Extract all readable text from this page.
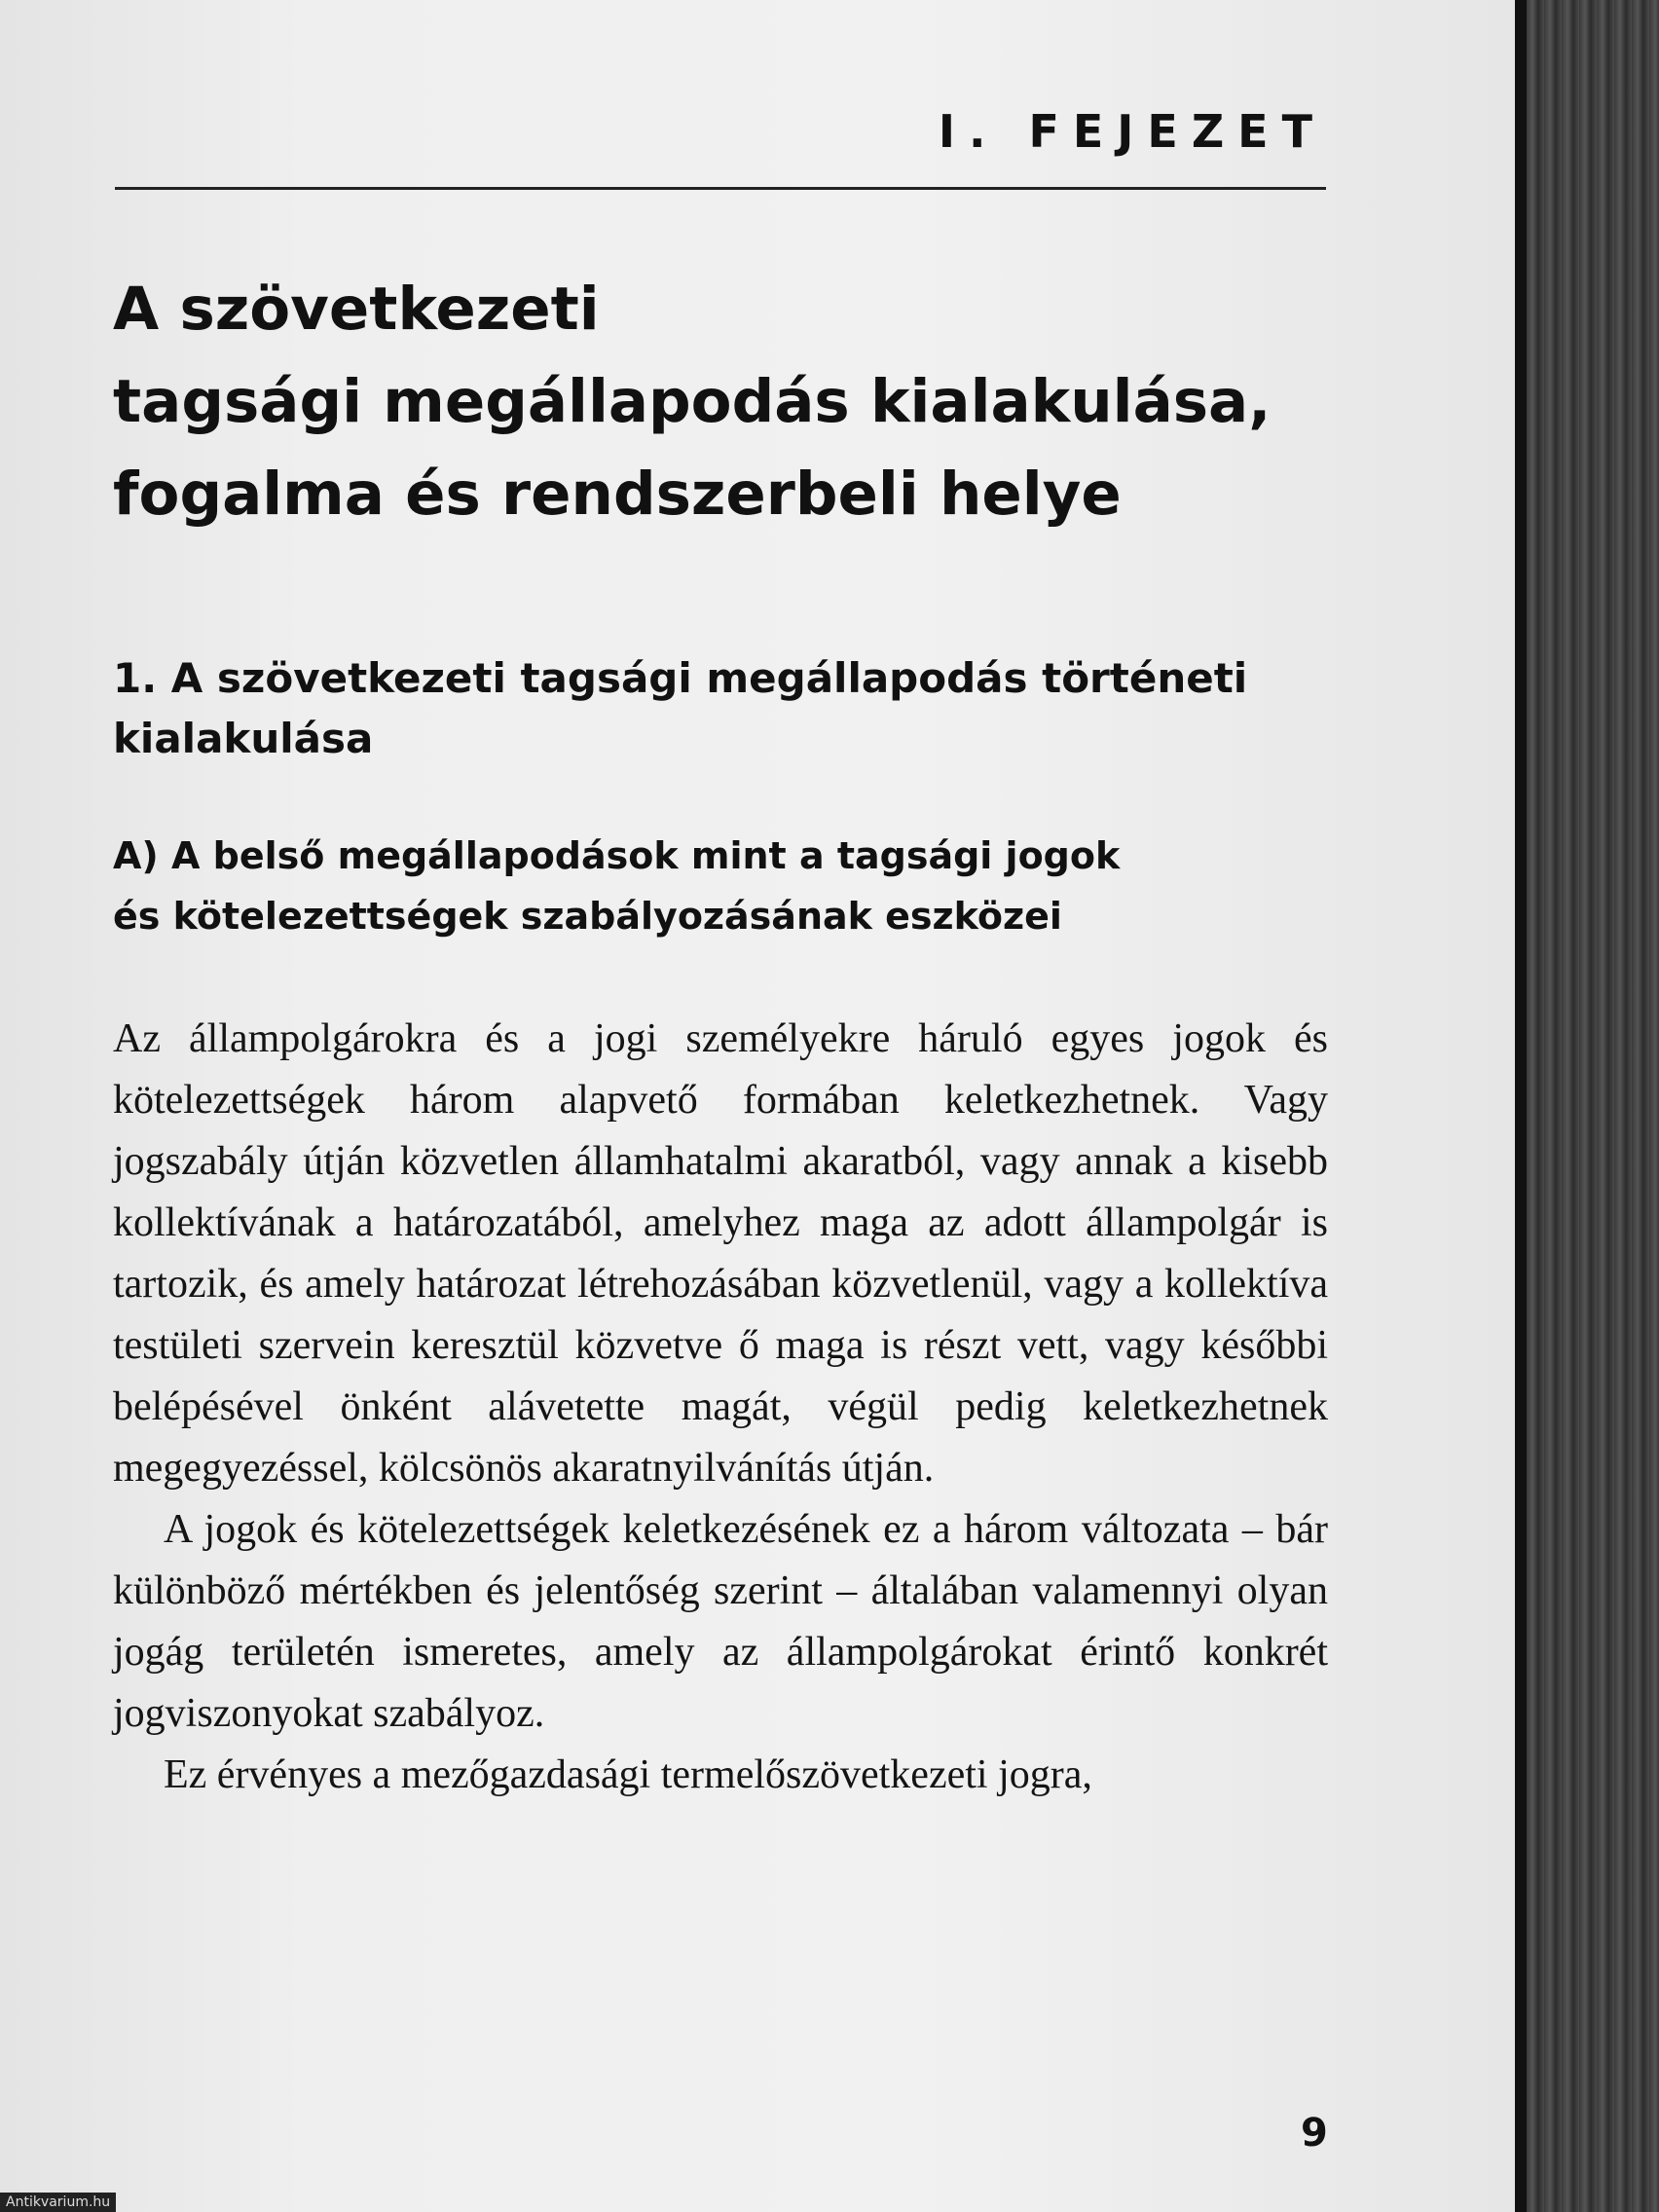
I. FEJEZET
A szövetkezeti
tagsági megállapodás kialakulása,
fogalma és rendszerbeli helye
1. A szövetkezeti tagsági megállapodás történeti kialakulása
A) A belső megállapodások mint a tagsági jogok
és kötelezettségek szabályozásának eszközei

Az állampolgárokra és a jogi személyekre háruló egyes jogok és kötelezettségek három alapvető formában keletkezhetnek. Vagy jogszabály útján közvetlen államhatalmi akaratból, vagy annak a kisebb kollektívának a határozatából, amelyhez maga az adott állampolgár is tartozik, és amely határozat létrehozásában közvetlenül, vagy a kollektíva testületi szervein keresztül közvetve ő maga is részt vett, vagy későbbi belépésével önként alávetette magát, végül pedig keletkezhetnek megegyezéssel, kölcsönös akaratnyilvánítás útján.

A jogok és kötelezettségek keletkezésének ez a három változata – bár különböző mértékben és jelentőség szerint – általában valamennyi olyan jogág területén ismeretes, amely az állampolgárokat érintő konkrét jogviszonyokat szabályoz.

Ez érvényes a mezőgazdasági termelőszövetkezeti jogra,

9
Antikvarium.hu
